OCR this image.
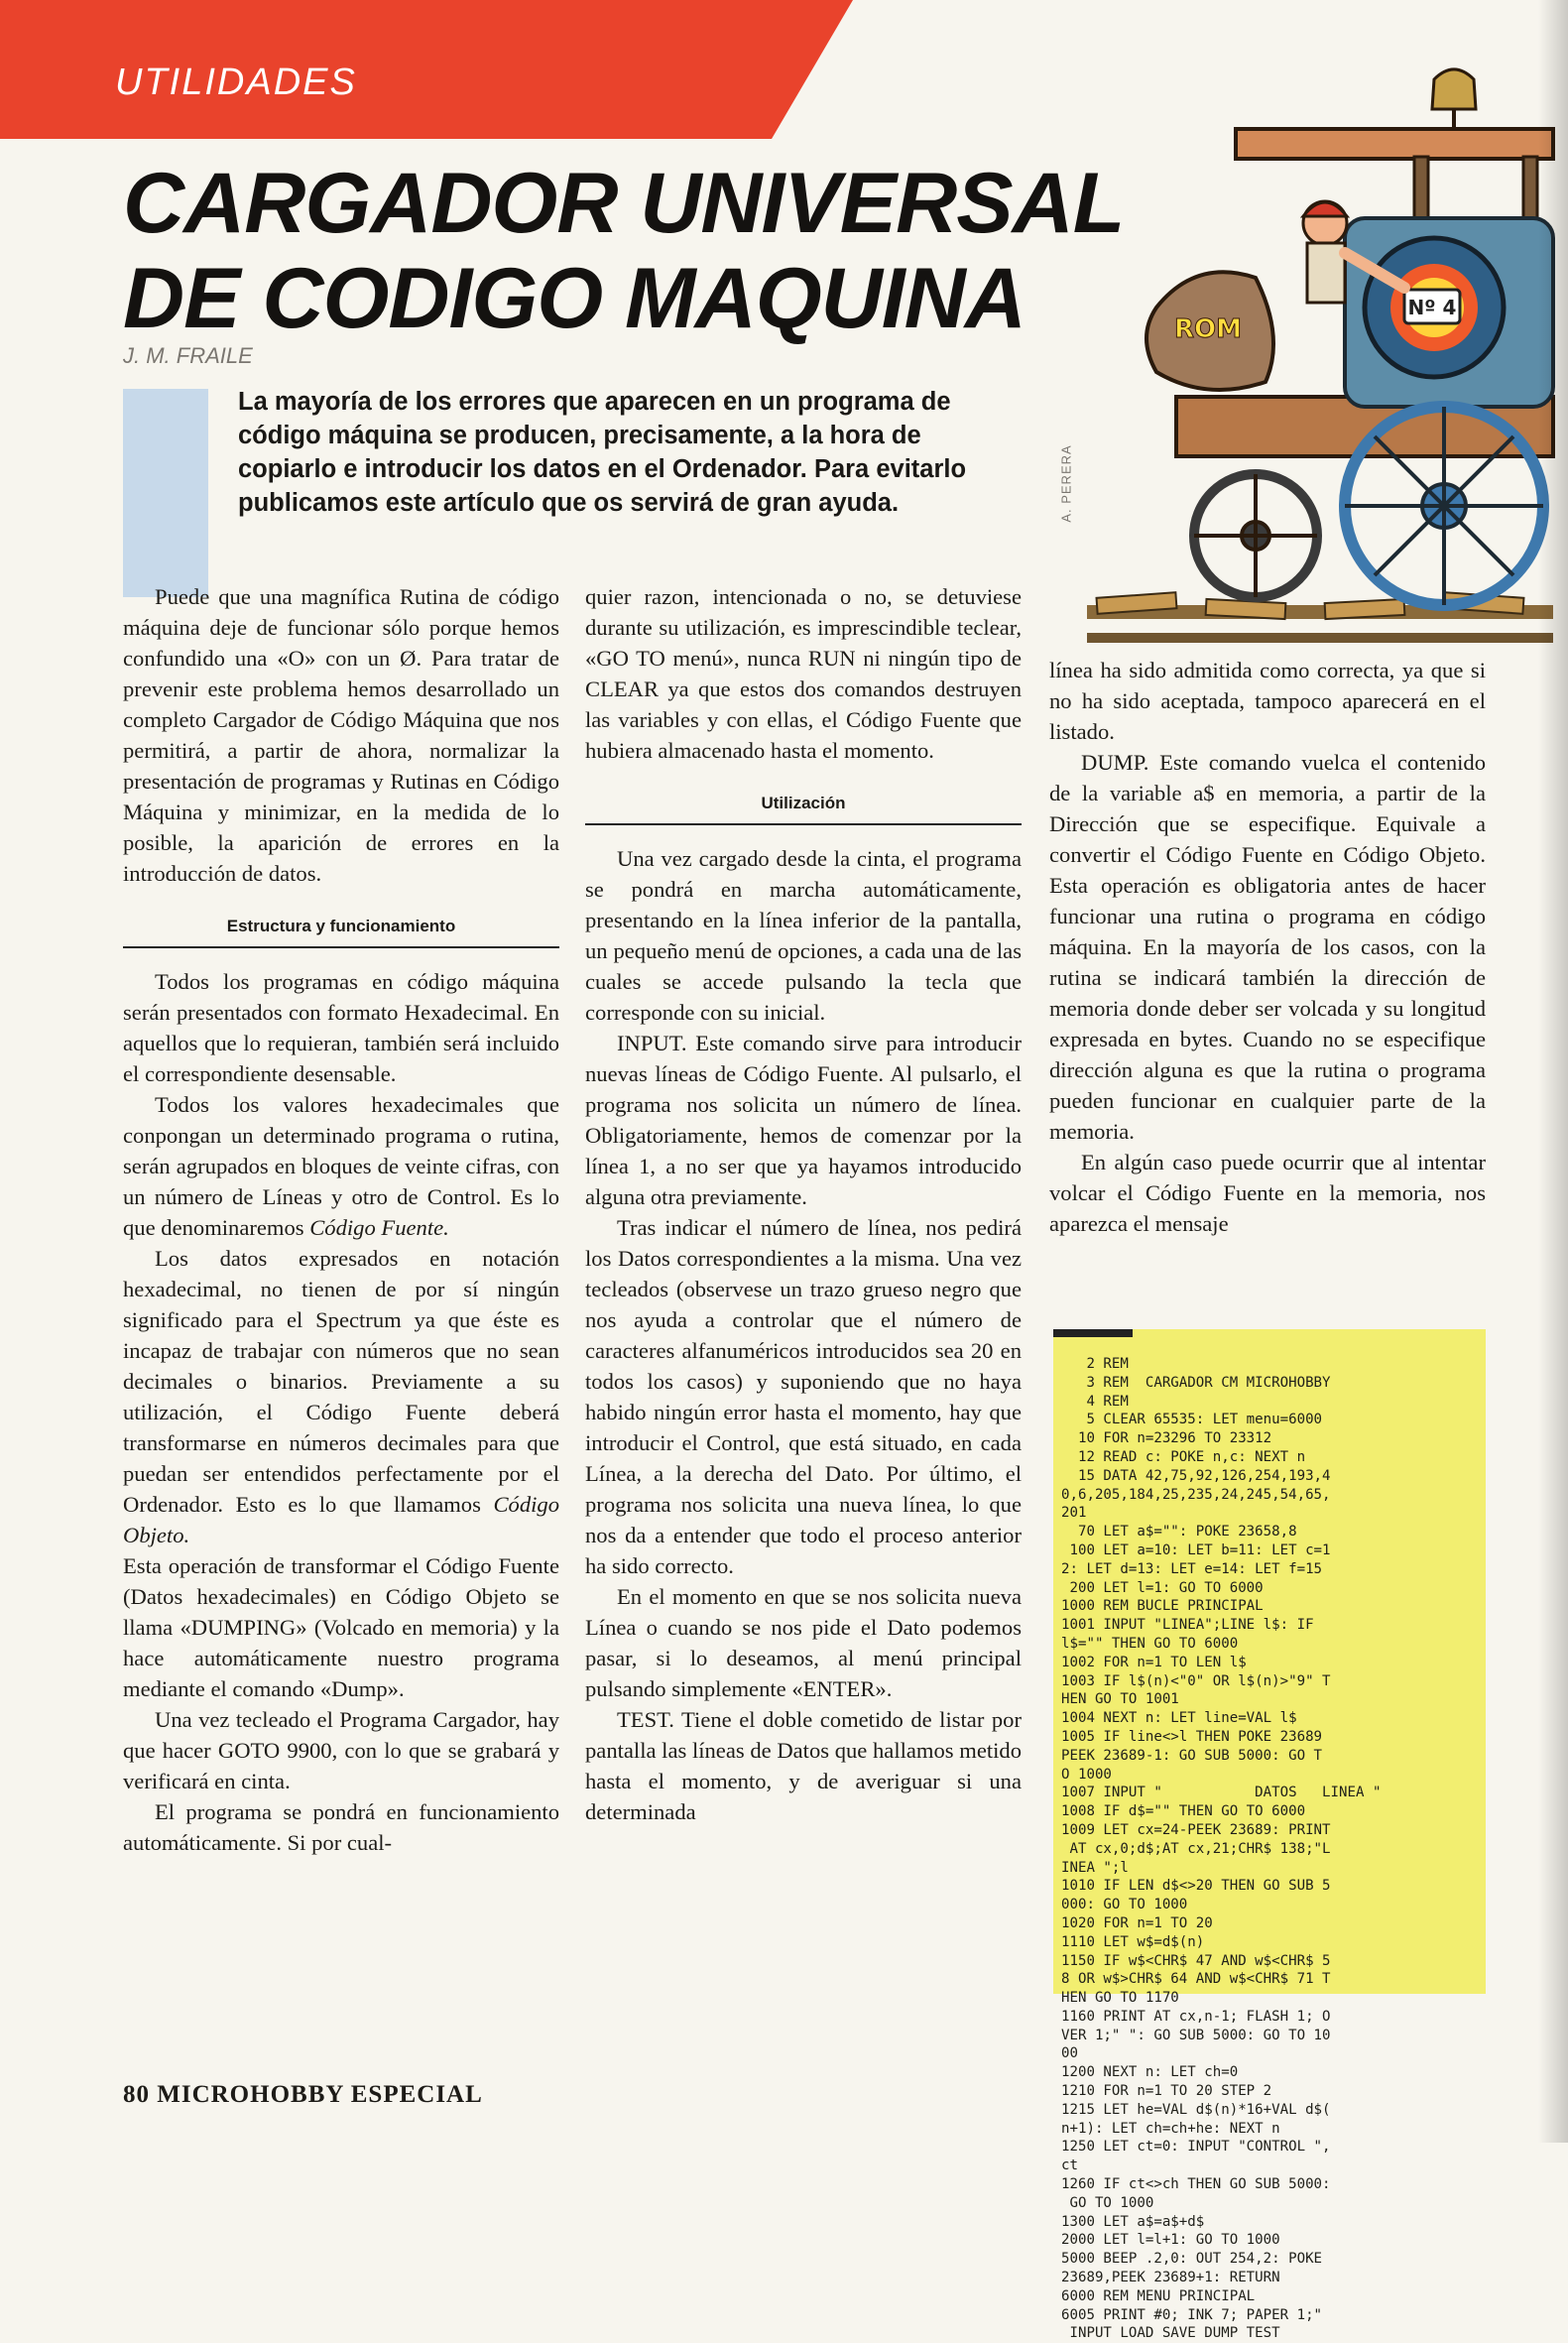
UTILIDADES
CARGADOR UNIVERSAL
DE CODIGO MAQUINA
J. M. FRAILE

La mayoría de los errores que aparecen en un programa de código máquina se producen, precisamente, a la hora de copiarlo e introducir los datos en el Ordenador. Para evitarlo publicamos este artículo que os servirá de gran ayuda.	A. PERERA
Nº 4
ROM

Puede que una magnífica Rutina de código máquina deje de funcionar sólo porque hemos confundido una «O» con un Ø. Para tratar de prevenir este problema hemos desarrollado un completo Cargador de Código Máquina que nos permitirá, a partir de ahora, normalizar la presentación de programas y Rutinas en Código Máquina y minimizar, en la medida de lo posible, la aparición de errores en la introducción de datos.

Estructura y funcionamiento

Todos los programas en código máquina serán presentados con formato Hexadecimal. En aquellos que lo requieran, también será incluido el correspondiente desensable.

Todos los valores hexadecimales que conpongan un determinado programa o rutina, serán agrupados en bloques de veinte cifras, con un número de Líneas y otro de Control. Es lo que denominaremos Código Fuente.

Los datos expresados en notación hexadecimal, no tienen de por sí ningún significado para el Spectrum ya que éste es incapaz de trabajar con números que no sean decimales o binarios. Previamente a su utilización, el Código Fuente deberá transformarse en números decimales para que puedan ser entendidos perfectamente por el Ordenador. Esto es lo que llamamos Código Objeto.

Esta operación de transformar el Código Fuente (Datos hexadecimales) en Código Objeto se llama «DUMPING» (Volcado en memoria) y la hace automáticamente nuestro programa mediante el comando «Dump».

Una vez tecleado el Programa Cargador, hay que hacer GOTO 9900, con lo que se grabará y verificará en cinta.

El programa se pondrá en funcionamiento automáticamente. Si por cual-

quier razon, intencionada o no, se detuviese durante su utilización, es imprescindible teclear, «GO TO menú», nunca RUN ni ningún tipo de CLEAR ya que estos dos comandos destruyen las variables y con ellas, el Código Fuente que hubiera almacenado hasta el momento.

Utilización

Una vez cargado desde la cinta, el programa se pondrá en marcha automáticamente, presentando en la línea inferior de la pantalla, un pequeño menú de opciones, a cada una de las cuales se accede pulsando la tecla que corresponde con su inicial.

INPUT. Este comando sirve para introducir nuevas líneas de Código Fuente. Al pulsarlo, el programa nos solicita un número de línea. Obligatoriamente, hemos de comenzar por la línea 1, a no ser que ya hayamos introducido alguna otra previamente.

Tras indicar el número de línea, nos pedirá los Datos correspondientes a la misma. Una vez tecleados (observese un trazo grueso negro que nos ayuda a controlar que el número de caracteres alfanuméricos introducidos sea 20 en todos los casos) y suponiendo que no haya habido ningún error hasta el momento, hay que introducir el Control, que está situado, en cada Línea, a la derecha del Dato. Por último, el programa nos solicita una nueva línea, lo que nos da a entender que todo el proceso anterior ha sido correcto.

En el momento en que se nos solicita nueva Línea o cuando se nos pide el Dato podemos pasar, si lo deseamos, al menú principal pulsando simplemente «ENTER».

TEST. Tiene el doble cometido de listar por pantalla las líneas de Datos que hallamos metido hasta el momento, y de averiguar si una determinada

línea ha sido admitida como correcta, ya que si no ha sido aceptada, tampoco aparecerá en el listado.

DUMP. Este comando vuelca el contenido de la variable a$ en memoria, a partir de la Dirección que se especifique. Equivale a convertir el Código Fuente en Código Objeto. Esta operación es obligatoria antes de hacer funcionar una rutina o programa en código máquina. En la mayoría de los casos, con la rutina se indicará también la dirección de memoria donde deber ser volcada y su longitud expresada en bytes. Cuando no se especifique dirección alguna es que la rutina o programa pueden funcionar en cualquier parte de la memoria.

En algún caso puede ocurrir que al intentar volcar el Código Fuente en la memoria, nos aparezca el mensaje

2 REM
3 REM  CARGADOR CM MICROHOBBY
4 REM
5 CLEAR 65535: LET menu=6000
10 FOR n=23296 TO 23312
12 READ c: POKE n,c: NEXT n
15 DATA 42,75,92,126,254,193,4
0,6,205,184,25,235,24,245,54,65,
201
70 LET a$="": POKE 23658,8
100 LET a=10: LET b=11: LET c=1
2: LET d=13: LET e=14: LET f=15
200 LET l=1: GO TO 6000
1000 REM BUCLE PRINCIPAL
1001 INPUT "LINEA";LINE l$: IF
l$="" THEN GO TO 6000
1002 FOR n=1 TO LEN l$
1003 IF l$(n)<"0" OR l$(n)>"9" T
HEN GO TO 1001
1004 NEXT n: LET line=VAL l$
1005 IF line<>l THEN POKE 23689
PEEK 23689-1: GO SUB 5000: GO T
O 1000
1007 INPUT "           DATOS   LINEA "
1008 IF d$="" THEN GO TO 6000
1009 LET cx=24-PEEK 23689: PRINT
AT cx,0;d$;AT cx,21;CHR$ 138;"L
INEA ";l
1010 IF LEN d$<>20 THEN GO SUB 5
000: GO TO 1000
1020 FOR n=1 TO 20
1110 LET w$=d$(n)
1150 IF w$<CHR$ 47 AND w$<CHR$ 5
8 OR w$>CHR$ 64 AND w$<CHR$ 71 T
HEN GO TO 1170
1160 PRINT AT cx,n-1; FLASH 1; O
VER 1;" ": GO SUB 5000: GO TO 10
00
1200 NEXT n: LET ch=0
1210 FOR n=1 TO 20 STEP 2
1215 LET he=VAL d$(n)*16+VAL d$(
n+1): LET ch=ch+he: NEXT n
1250 LET ct=0: INPUT "CONTROL ",
ct
1260 IF ct<>ch THEN GO SUB 5000:
GO TO 1000
1300 LET a$=a$+d$
2000 LET l=l+1: GO TO 1000
5000 BEEP .2,0: OUT 254,2: POKE
23689,PEEK 23689+1: RETURN
6000 REM MENU PRINCIPAL
6005 PRINT #0; INK 7; PAPER 1;"
INPUT LOAD SAVE DUMP TEST
80 MICROHOBBY ESPECIAL
